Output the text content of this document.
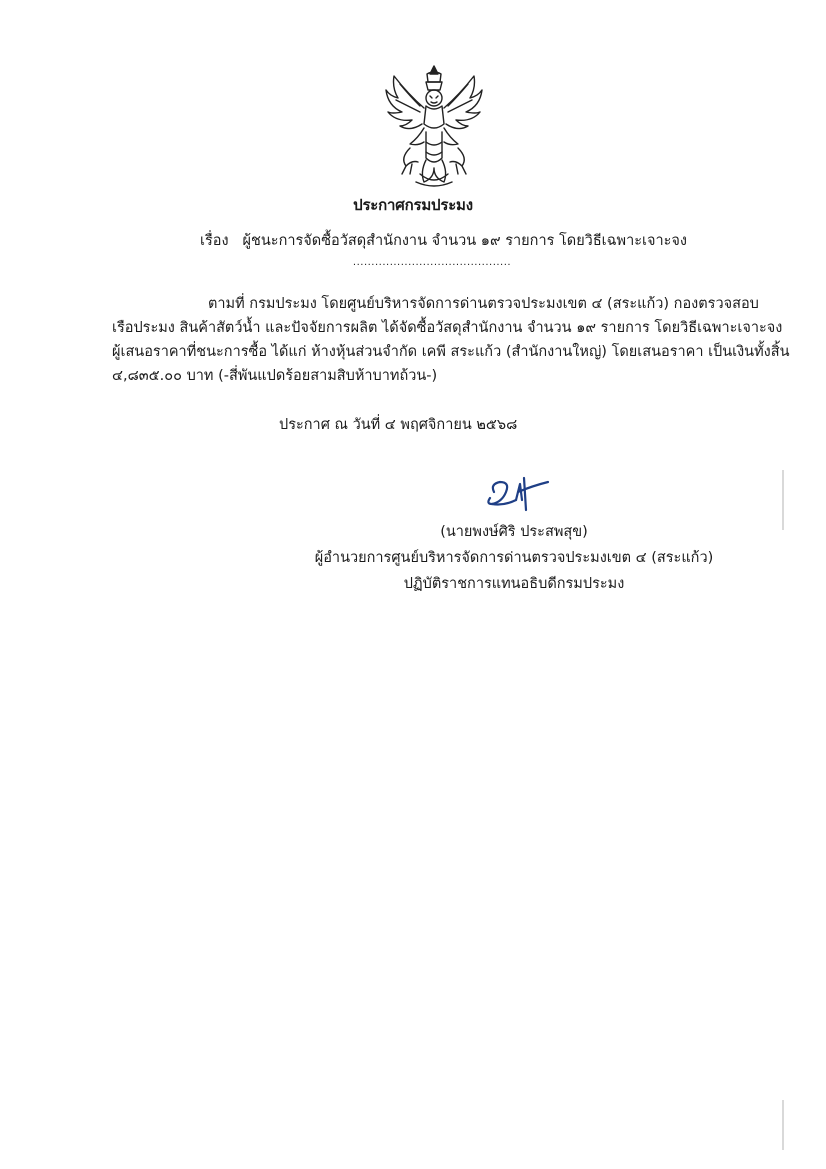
ประกาศกรมประมง
เรื่อง ผู้ชนะการจัดซื้อวัสดุสำนักงาน จำนวน ๑๙ รายการ โดยวิธีเฉพาะเจาะจง
...........................................
ตามที่ กรมประมง โดยศูนย์บริหารจัดการด่านตรวจประมงเขต ๔ (สระแก้ว) กองตรวจสอบ
เรือประมง สินค้าสัตว์น้ำ และปัจจัยการผลิต ได้จัดซื้อวัสดุสำนักงาน จำนวน ๑๙ รายการ โดยวิธีเฉพาะเจาะจง
ผู้เสนอราคาที่ชนะการซื้อ ได้แก่ ห้างหุ้นส่วนจำกัด เคพี สระแก้ว (สำนักงานใหญ่) โดยเสนอราคา เป็นเงินทั้งสิ้น
๔,๘๓๕.๐๐ บาท (-สี่พันแปดร้อยสามสิบห้าบาทถ้วน-)
ประกาศ ณ วันที่ ๔ พฤศจิกายน ๒๕๖๘
(นายพงษ์ศิริ ประสพสุข)
ผู้อำนวยการศูนย์บริหารจัดการด่านตรวจประมงเขต ๔ (สระแก้ว)
ปฏิบัติราชการแทนอธิบดีกรมประมง
